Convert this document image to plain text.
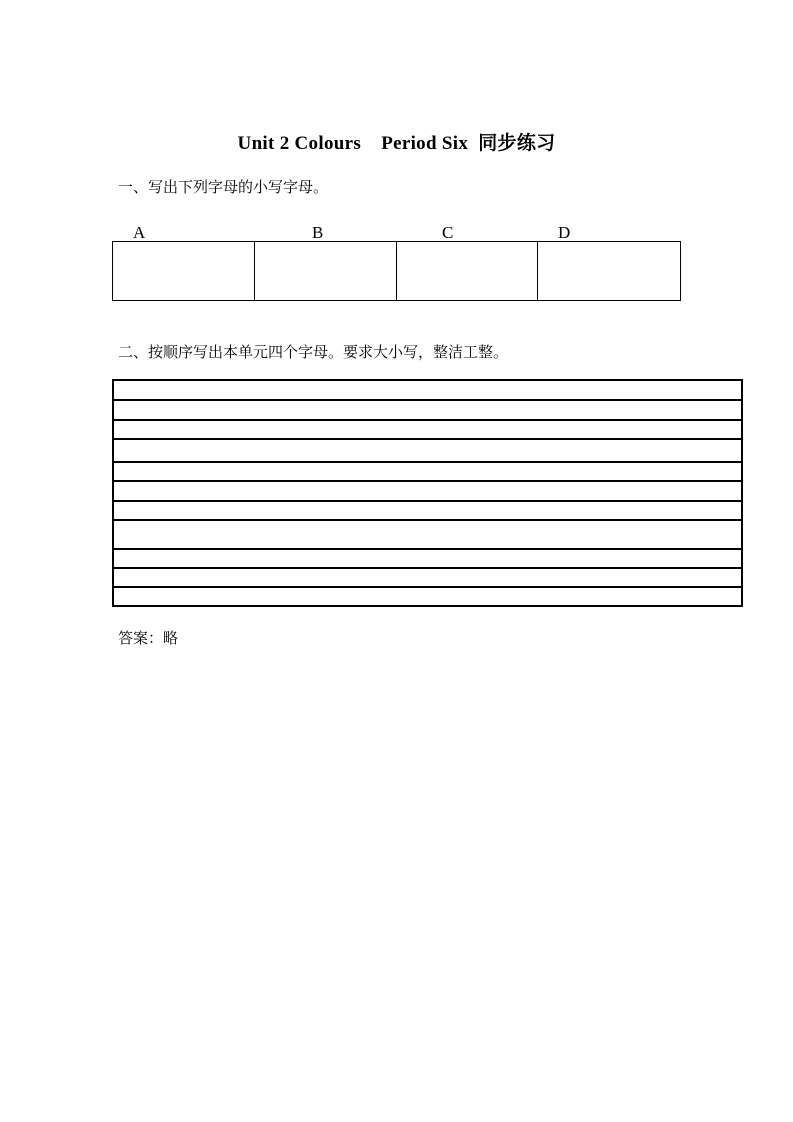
Unit 2 Colours    Period Six  同步练习
一、写出下列字母的小写字母。
A	B	C	D
二、按顺序写出本单元四个字母。要求大小写，整洁工整。
答案：略
